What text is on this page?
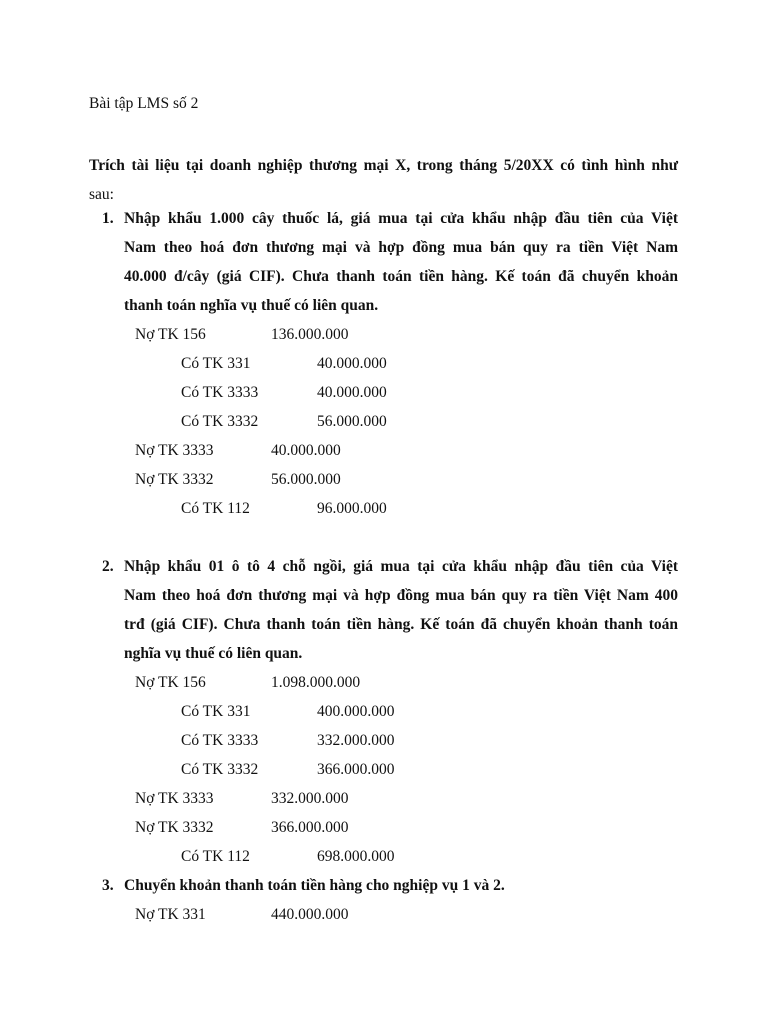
Bài tập LMS số 2
Trích tài liệu tại doanh nghiệp thương mại X, trong tháng 5/20XX có tình hình như
sau:
1. Nhập khẩu 1.000 cây thuốc lá, giá mua tại cửa khẩu nhập đầu tiên của Việt
Nam theo hoá đơn thương mại và hợp đồng mua bán quy ra tiền Việt Nam
40.000 đ/cây (giá CIF). Chưa thanh toán tiền hàng. Kế toán đã chuyển khoản
thanh toán nghĩa vụ thuế có liên quan.
Nợ TK 156	136.000.000
Có TK 331	40.000.000
Có TK 3333	40.000.000
Có TK 3332	56.000.000
Nợ TK 3333	40.000.000
Nợ TK 3332	56.000.000
Có TK 112	96.000.000
2. Nhập khẩu 01 ô tô 4 chỗ ngồi, giá mua tại cửa khẩu nhập đầu tiên của Việt
Nam theo hoá đơn thương mại và hợp đồng mua bán quy ra tiền Việt Nam 400
trđ (giá CIF). Chưa thanh toán tiền hàng. Kế toán đã chuyển khoản thanh toán
nghĩa vụ thuế có liên quan.
Nợ TK 156	1.098.000.000
Có TK 331	400.000.000
Có TK 3333	332.000.000
Có TK 3332	366.000.000
Nợ TK 3333	332.000.000
Nợ TK 3332	366.000.000
Có TK 112	698.000.000
3. Chuyển khoản thanh toán tiền hàng cho nghiệp vụ 1 và 2.
Nợ TK 331	440.000.000
